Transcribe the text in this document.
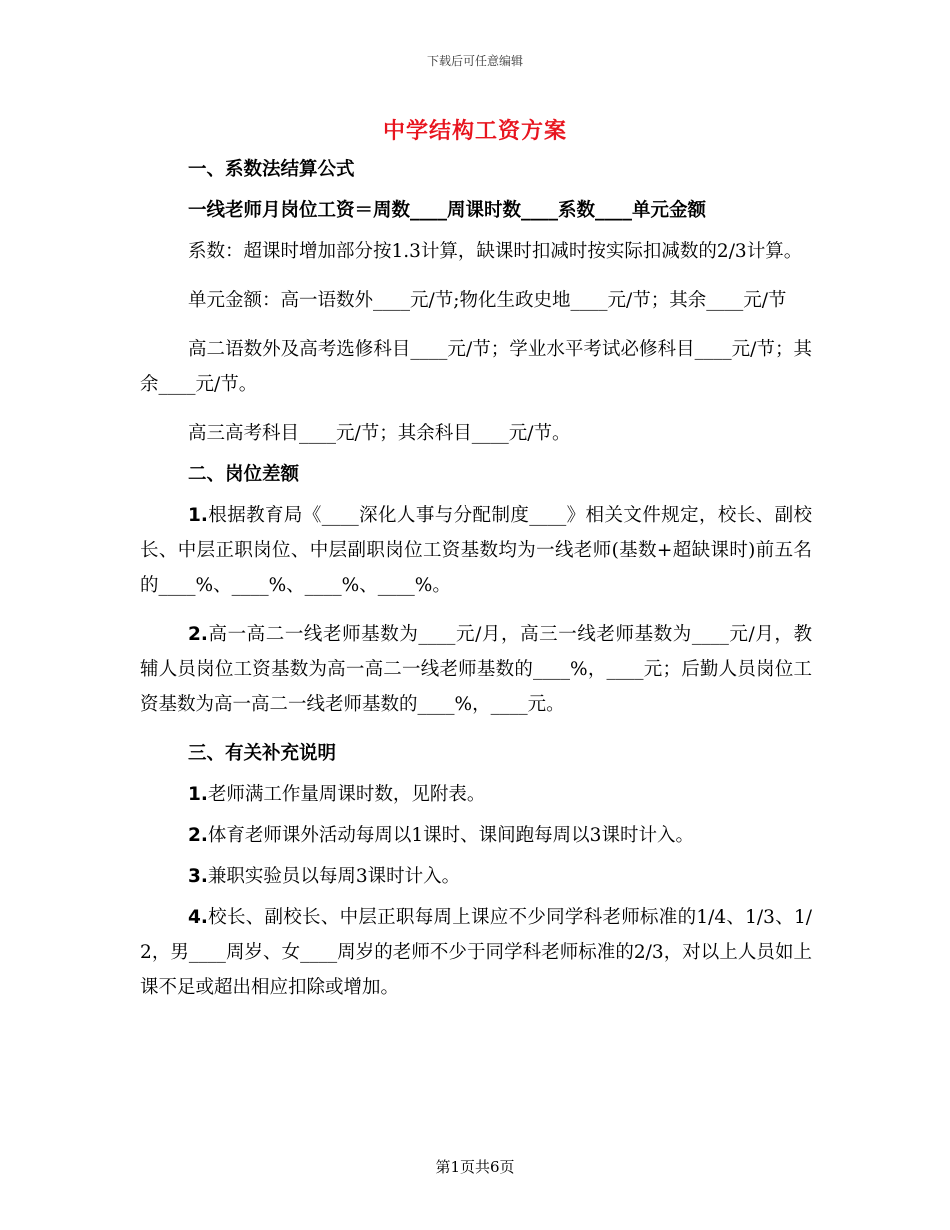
下载后可任意编辑
中学结构工资方案

一、系数法结算公式

一线老师月岗位工资＝周数____周课时数____系数____单元金额

系数：超课时增加部分按1.3计算，缺课时扣减时按实际扣减数的2/3计算。

单元金额：高一语数外____元/节;物化生政史地____元/节；其余____元/节

高二语数外及高考选修科目____元/节；学业水平考试必修科目____元/节；其余____元/节。

高三高考科目____元/节；其余科目____元/节。

二、岗位差额

1.根据教育局《____深化人事与分配制度____》相关文件规定，校长、副校长、中层正职岗位、中层副职岗位工资基数均为一线老师(基数+超缺课时)前五名的____%、____%、____%、____%。

2.高一高二一线老师基数为____元/月，高三一线老师基数为____元/月，教辅人员岗位工资基数为高一高二一线老师基数的____%，____元；后勤人员岗位工资基数为高一高二一线老师基数的____%，____元。

三、有关补充说明

1.老师满工作量周课时数，见附表。

2.体育老师课外活动每周以1课时、课间跑每周以3课时计入。

3.兼职实验员以每周3课时计入。

4.校长、副校长、中层正职每周上课应不少同学科老师标准的1/4、1/3、1/2，男____周岁、女____周岁的老师不少于同学科老师标准的2/3，对以上人员如上课不足或超出相应扣除或增加。

第1页共6页
